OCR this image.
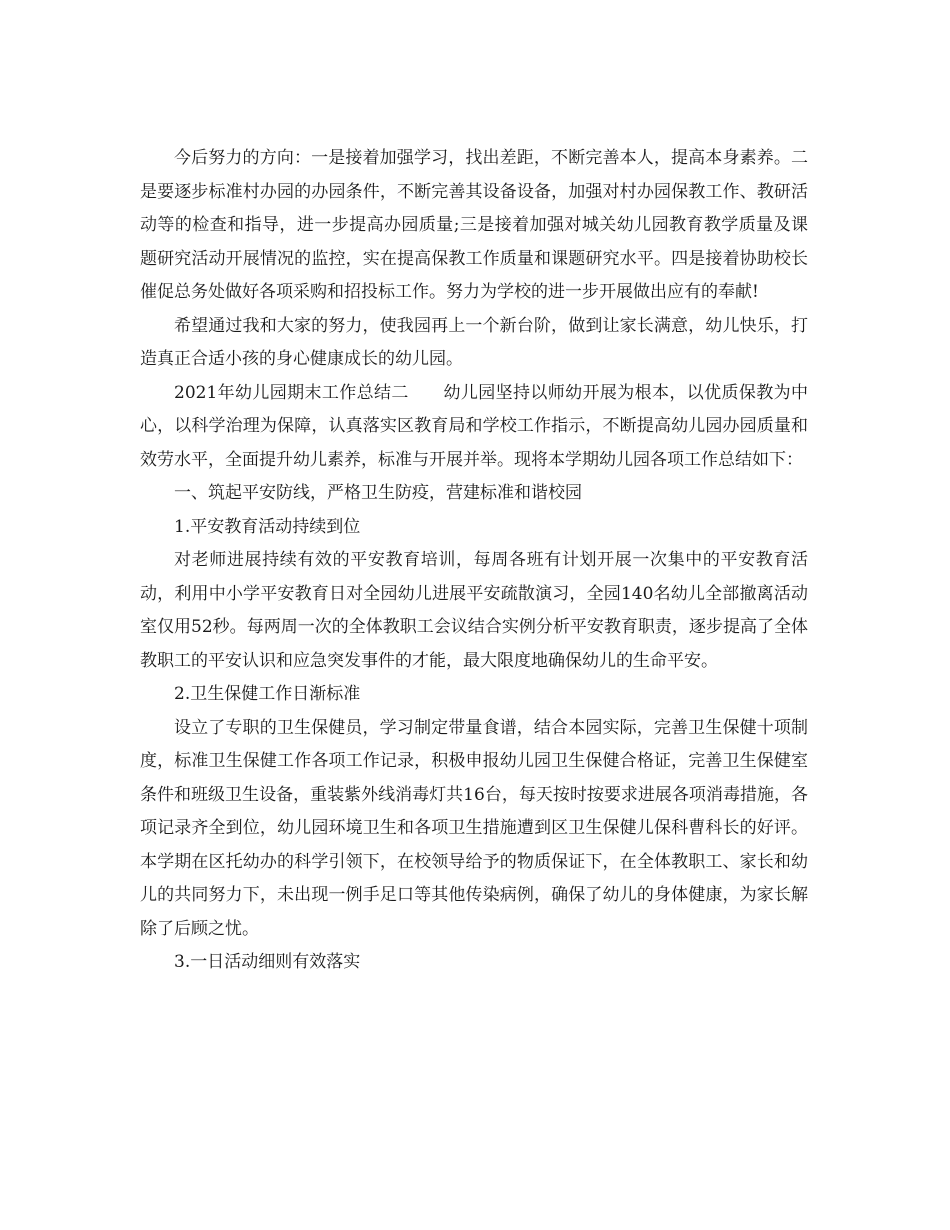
今后努力的方向：一是接着加强学习，找出差距，不断完善本人，提高本身素养。二是要逐步标准村办园的办园条件，不断完善其设备设备，加强对村办园保教工作、教研活动等的检查和指导，进一步提高办园质量;三是接着加强对城关幼儿园教育教学质量及课题研究活动开展情况的监控，实在提高保教工作质量和课题研究水平。四是接着协助校长催促总务处做好各项采购和招投标工作。努力为学校的进一步开展做出应有的奉献!

希望通过我和大家的努力，使我园再上一个新台阶，做到让家长满意，幼儿快乐，打造真正合适小孩的身心健康成长的幼儿园。

2021年幼儿园期末工作总结二　　幼儿园坚持以师幼开展为根本，以优质保教为中心，以科学治理为保障，认真落实区教育局和学校工作指示，不断提高幼儿园办园质量和效劳水平，全面提升幼儿素养，标准与开展并举。现将本学期幼儿园各项工作总结如下：

一、筑起平安防线，严格卫生防疫，营建标准和谐校园

1.平安教育活动持续到位

对老师进展持续有效的平安教育培训，每周各班有计划开展一次集中的平安教育活动，利用中小学平安教育日对全园幼儿进展平安疏散演习，全园140名幼儿全部撤离活动室仅用52秒。每两周一次的全体教职工会议结合实例分析平安教育职责，逐步提高了全体教职工的平安认识和应急突发事件的才能，最大限度地确保幼儿的生命平安。

2.卫生保健工作日渐标准

设立了专职的卫生保健员，学习制定带量食谱，结合本园实际，完善卫生保健十项制度，标准卫生保健工作各项工作记录，积极申报幼儿园卫生保健合格证，完善卫生保健室条件和班级卫生设备，重装紫外线消毒灯共16台，每天按时按要求进展各项消毒措施，各项记录齐全到位，幼儿园环境卫生和各项卫生措施遭到区卫生保健儿保科曹科长的好评。本学期在区托幼办的科学引领下，在校领导给予的物质保证下，在全体教职工、家长和幼儿的共同努力下，未出现一例手足口等其他传染病例，确保了幼儿的身体健康，为家长解除了后顾之忧。

3.一日活动细则有效落实
